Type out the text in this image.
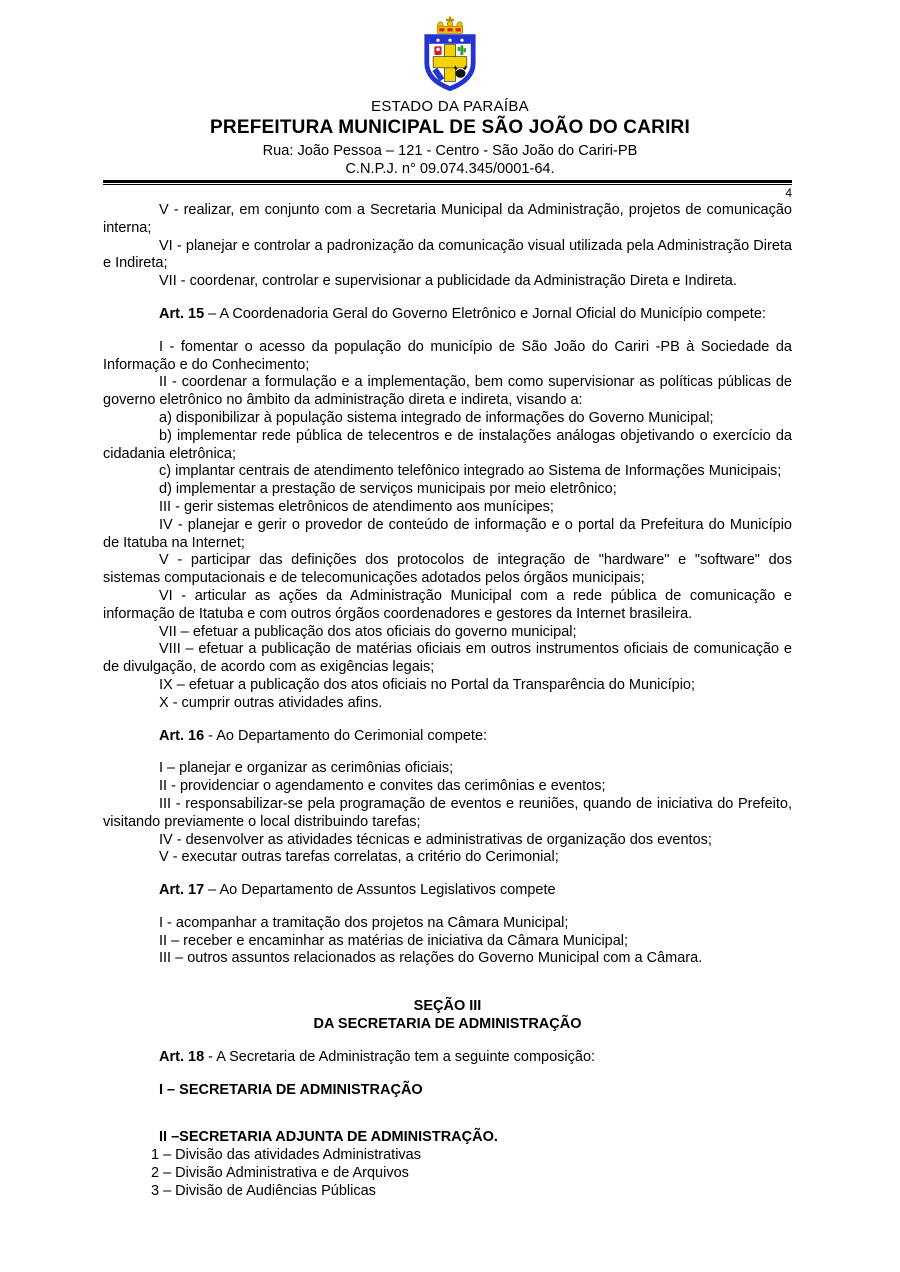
ESTADO DA PARAÍBA
PREFEITURA MUNICIPAL DE SÃO JOÃO DO CARIRI
Rua: João Pessoa – 121 - Centro - São João do Cariri-PB
C.N.P.J. n° 09.074.345/0001-64.
4

V - realizar, em conjunto com a Secretaria Municipal da Administração, projetos de comunicação interna;

VI - planejar e controlar a padronização da comunicação visual utilizada pela Administração Direta e Indireta;

VII - coordenar, controlar e supervisionar a publicidade da Administração Direta e Indireta.

Art. 15 – A Coordenadoria Geral do Governo Eletrônico e Jornal Oficial do Município compete:

I - fomentar o acesso da população do município de São João do Cariri -PB à Sociedade da Informação e do Conhecimento;

II - coordenar a formulação e a implementação, bem como supervisionar as políticas públicas de governo eletrônico no âmbito da administração direta e indireta, visando a:

a) disponibilizar à população sistema integrado de informações do Governo Municipal;

b) implementar rede pública de telecentros e de instalações análogas objetivando o exercício da cidadania eletrônica;

c) implantar centrais de atendimento telefônico integrado ao Sistema de Informações Municipais;

d) implementar a prestação de serviços municipais por meio eletrônico;

III - gerir sistemas eletrônicos de atendimento aos munícipes;

IV - planejar e gerir o provedor de conteúdo de informação e o portal da Prefeitura do Município de Itatuba na Internet;

V - participar das definições dos protocolos de integração de "hardware" e "software" dos sistemas computacionais e de telecomunicações adotados pelos órgãos municipais;

VI - articular as ações da Administração Municipal com a rede pública de comunicação e informação de Itatuba e com outros órgãos coordenadores e gestores da Internet brasileira.

VII – efetuar a publicação dos atos oficiais do governo municipal;

VIII – efetuar a publicação de matérias oficiais em outros instrumentos oficiais de comunicação e de divulgação, de acordo com as exigências legais;

IX – efetuar a publicação dos atos oficiais no Portal da Transparência do Município;

X - cumprir outras atividades afins.

Art. 16 - Ao Departamento do Cerimonial compete:

I – planejar e organizar as cerimônias oficiais;

II - providenciar o agendamento e convites das cerimônias e eventos;

III - responsabilizar-se pela programação de eventos e reuniões, quando de iniciativa do Prefeito, visitando previamente o local distribuindo tarefas;

IV - desenvolver as atividades técnicas e administrativas de organização dos eventos;

V - executar outras tarefas correlatas, a critério do Cerimonial;

Art. 17 – Ao Departamento de Assuntos Legislativos compete

I - acompanhar a tramitação dos projetos na Câmara Municipal;

II – receber e encaminhar as matérias de iniciativa da Câmara Municipal;

III – outros assuntos relacionados as relações do Governo Municipal com a Câmara.

SEÇÃO III

DA SECRETARIA DE ADMINISTRAÇÃO

Art. 18 - A Secretaria de Administração tem a seguinte composição:

I – SECRETARIA DE ADMINISTRAÇÃO

II –SECRETARIA ADJUNTA DE ADMINISTRAÇÃO.

1 – Divisão das atividades Administrativas

2 – Divisão Administrativa e de Arquivos

3 – Divisão de Audiências Públicas
